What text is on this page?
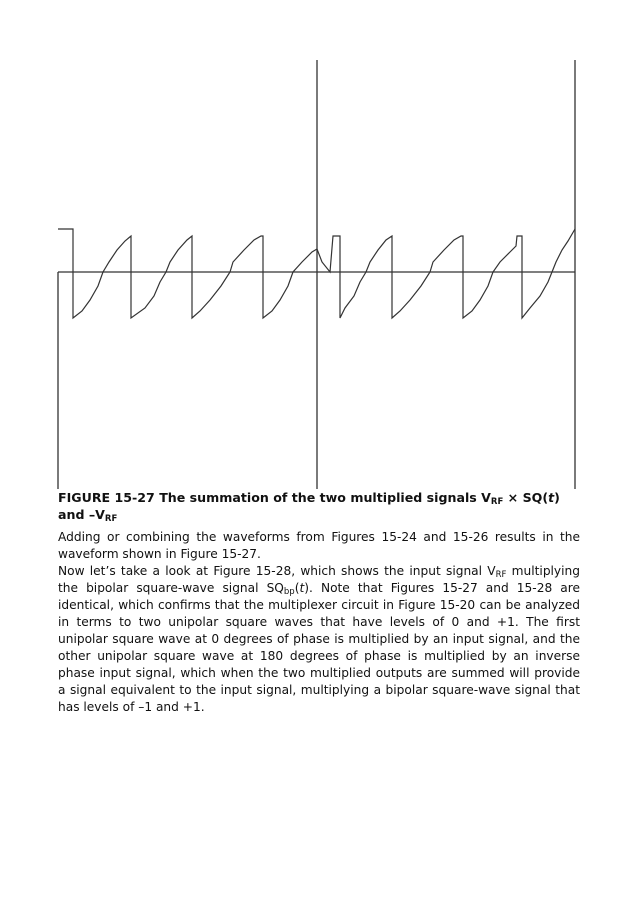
FIGURE 15-27 The summation of the two multiplied signals $V_{RF} \times SQ(t)$
and $-V_{RF}$

Adding or combining the waveforms from Figures 15-24 and 15-26 results in the waveform shown in Figure 15-27.

Now let’s take a look at Figure 15-28, which shows the input signal $V_{RF}$ multiplying the bipolar square-wave signal $SQ_{bp}(t)$. Note that Figures 15-27 and 15-28 are identical, which confirms that the multiplexer circuit in Figure 15-20 can be analyzed in terms to two unipolar square waves that have levels of 0 and +1. The first unipolar square wave at 0 degrees of phase is multiplied by an input signal, and the other unipolar square wave at 180 degrees of phase is multiplied by an inverse phase input signal, which when the two multiplied outputs are summed will provide a signal equivalent to the input signal, multiplying a bipolar square-wave signal that has levels of –1 and +1.
